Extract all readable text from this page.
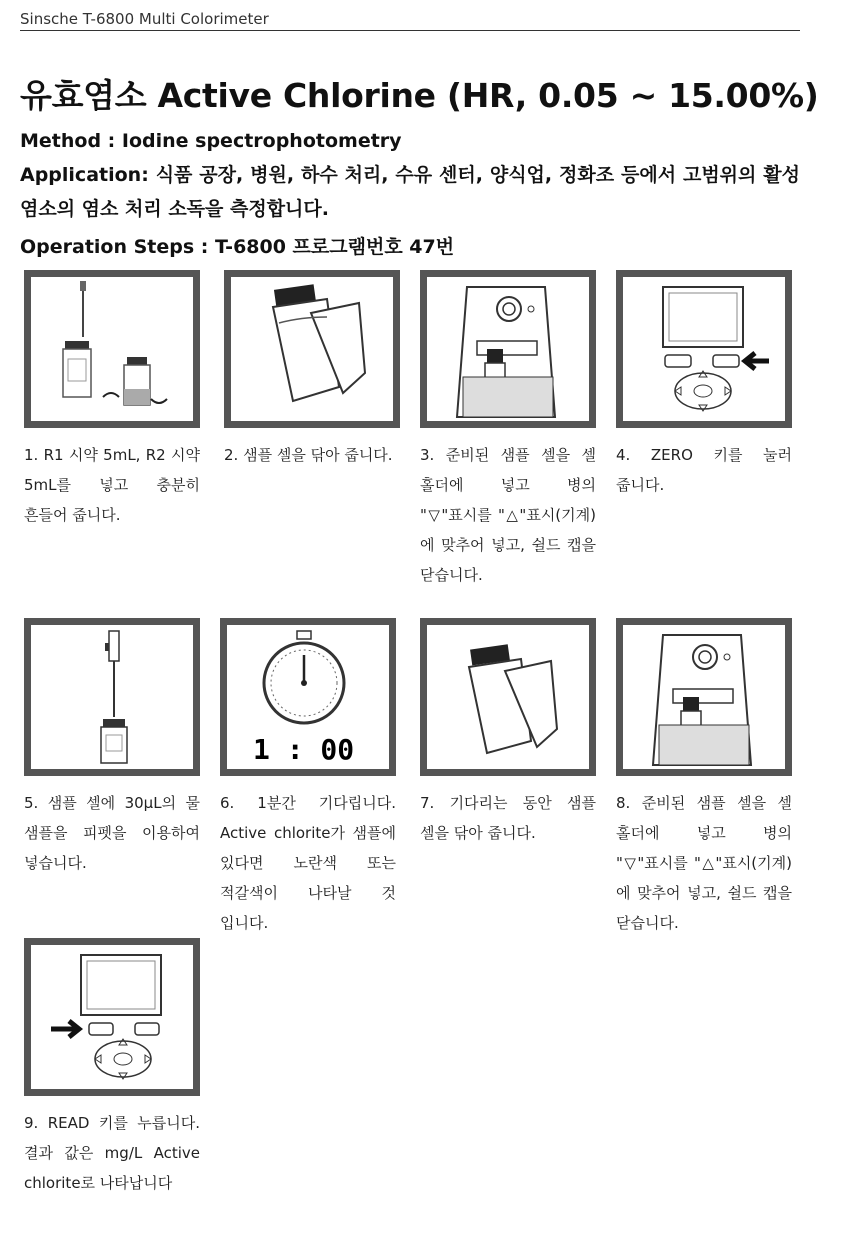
Sinsche T-6800 Multi Colorimeter
유효염소 Active Chlorine (HR, 0.05 ~ 15.00%)
Method : Iodine spectrophotometry
Application: 식품 공장, 병원, 하수 처리, 수유 센터, 양식업, 정화조 등에서 고범위의 활성 염소의 염소 처리 소독을 측정합니다.
Operation Steps : T-6800 프로그램번호 47번
1. R1 시약 5mL, R2 시약 5mL를 넣고 충분히 흔들어 줍니다.
2. 샘플 셀을 닦아 줍니다.	3. 준비된 샘플 셀을 셀 홀더에 넣고 병의 "▽"표시를 "△"표시(기계)에 맞추어 넣고, 쉴드 캡을 닫습니다.
4. ZERO 키를 눌러 줍니다.
5. 샘플 셀에 30μL의 물 샘플을 피펫을 이용하여 넣습니다.
1 : 00
6. 1분간 기다립니다. Active chlorite가 샘플에 있다면 노란색 또는 적갈색이 나타날 것 입니다.
7. 기다리는 동안 샘플 셀을 닦아 줍니다.
8. 준비된 샘플 셀을 셀 홀더에 넣고 병의 "▽"표시를 "△"표시(기계)에 맞추어 넣고, 쉴드 캡을 닫습니다.
9. READ 키를 누릅니다. 결과 값은 mg/L Active chlorite로 나타납니다
